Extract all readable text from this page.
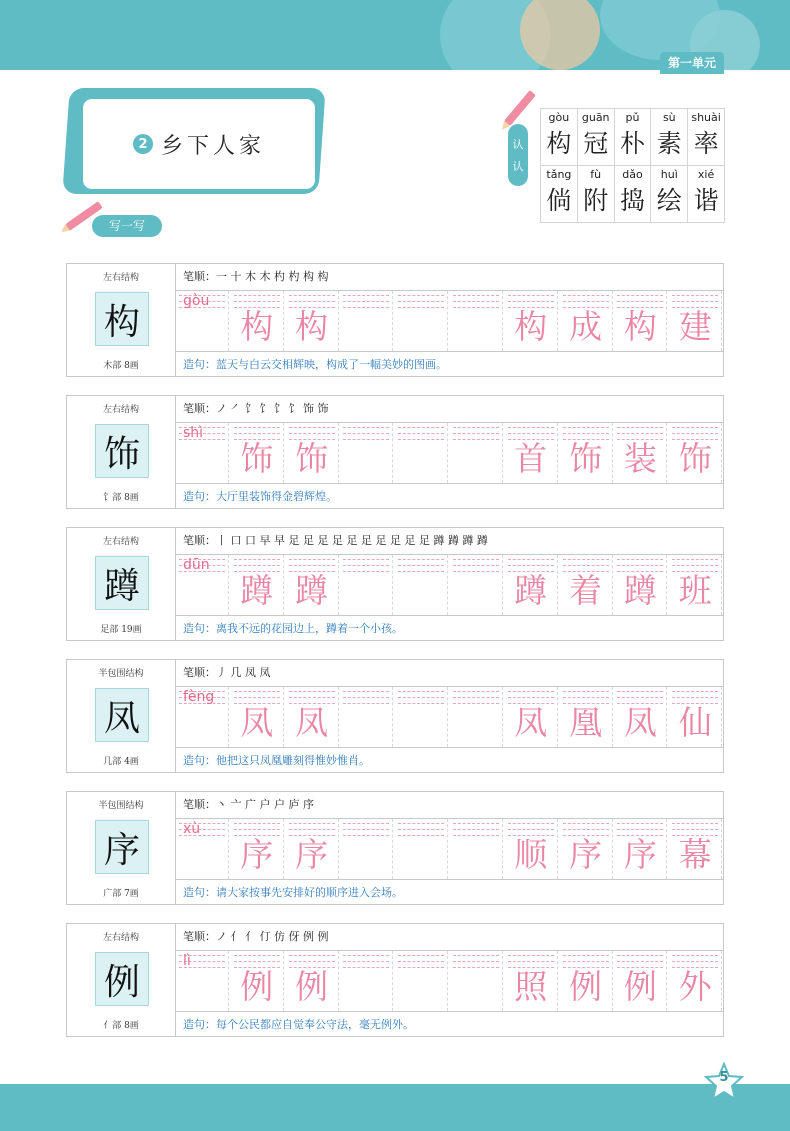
第一单元
2 乡下人家
写一写
认
认
gòu
构
guān
冠
pǔ
朴
sù
素
shuài
率
tǎng
倘
fù
附
dǎo
捣
huì
绘
xié
谐
左右结构
构
木部 8画
笔顺：一 十 木 木 杓 杓 构 构
gòu
构 构	构 成 构 建
造句：蓝天与白云交相辉映，构成了一幅美妙的图画。
左右结构
饰
饣部 8画
笔顺：ノ ㇒ 饣 饣 饣 饣 饰 饰
shì
饰 饰	首 饰 装 饰
造句：大厅里装饰得金碧辉煌。
左右结构
蹲
足部 19画
笔顺：丨 口 口 早 早 足 足 足 足 足 足 足 足 足 足 蹲 蹲 蹲 蹲
dūn
蹲 蹲	蹲 着 蹲 班
造句：离我不远的花园边上，蹲着一个小孩。
半包围结构
凤
几部 4画
笔顺：丿 几 凤 凤
fèng
凤 凤	凤 凰 凤 仙
造句：他把这只凤凰雕刻得惟妙惟肖。
半包围结构
序
广部 7画
笔顺：丶 亠 广 户 户 庐 序
xù
序 序	顺 序 序 幕
造句：请大家按事先安排好的顺序进入会场。
左右结构
例
亻部 8画
笔顺：ノ 亻 亻 仃 仿 伢 例 例
lì
例 例	照 例 例 外
造句：每个公民都应自觉奉公守法，毫无例外。
5
